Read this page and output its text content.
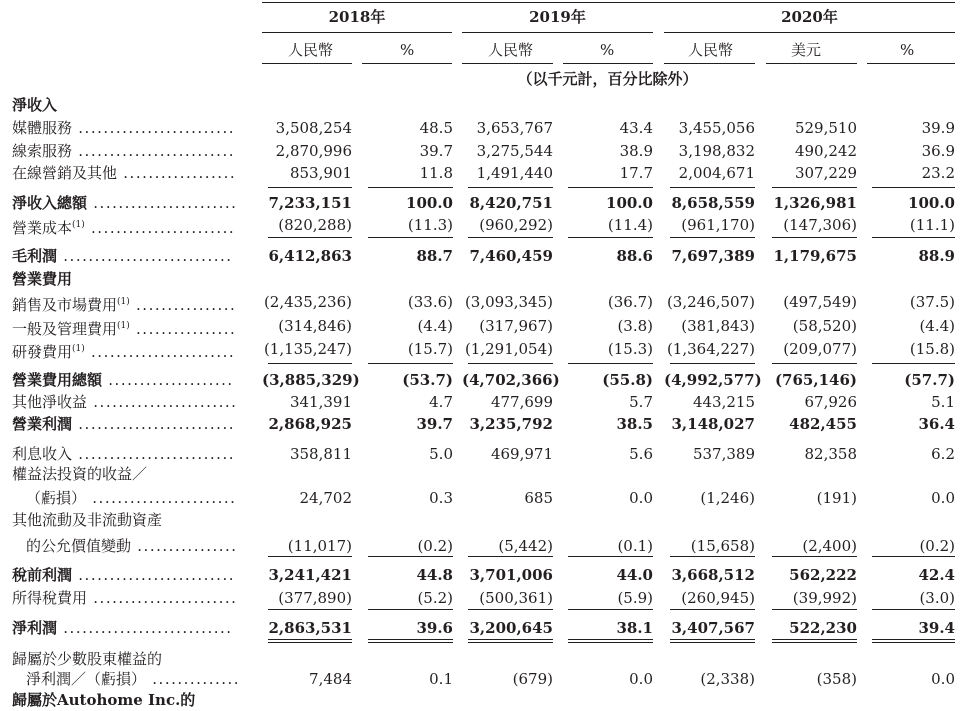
2018年	2019年	2020年
人民幣	%	人民幣	%	人民幣	美元	%
（以千元計，百分比除外）
淨收入
媒體服務 .........................	3,508,254	48.5	3,653,767	43.4	3,455,056	529,510	39.9
線索服務 .........................	2,870,996	39.7	3,275,544	38.9	3,198,832	490,242	36.9
在線營銷及其他 ..................	853,901	11.8	1,491,440	17.7	2,004,671	307,229	23.2
淨收入總額 .......................	7,233,151	100.0	8,420,751	100.0	8,658,559	1,326,981	100.0
營業成本$^{(1)}$ .......................	(820,288)	(11.3)	(960,292)	(11.4)	(961,170)	(147,306)	(11.1)
毛利潤 ...........................	6,412,863	88.7	7,460,459	88.6	7,697,389	1,179,675	88.9
營業費用
銷售及市場費用$^{(1)}$ ................ (2,435,236)	(33.6) (3,093,345)	(36.7) (3,246,507)	(497,549)	(37.5)
一般及管理費用$^{(1)}$ ................	(314,846)	(4.4)	(317,967)	(3.8)	(381,843)	(58,520)	(4.4)
研發費用$^{(1)}$ ....................... (1,135,247)	(15.7) (1,291,054)	(15.3) (1,364,227)	(209,077)	(15.8)
營業費用總額 .................... (3,885,329)	(53.7) (4,702,366)	(55.8) (4,992,577) (765,146)	(57.7)
其他淨收益 .......................	341,391	4.7	477,699	5.7	443,215	67,926	5.1
營業利潤 .........................	2,868,925	39.7	3,235,792	38.5	3,148,027	482,455	36.4
利息收入 .........................	358,811	5.0	469,971	5.6	537,389	82,358	6.2
權益法投資的收益／
（虧損） .......................	24,702	0.3	685	0.0	(1,246)	(191)	0.0
其他流動及非流動資產
的公允價值變動 ................	(11,017)	(0.2)	(5,442)	(0.1)	(15,658)	(2,400)	(0.2)
稅前利潤 .........................	3,241,421	44.8	3,701,006	44.0	3,668,512	562,222	42.4
所得稅費用 .......................	(377,890)	(5.2)	(500,361)	(5.9)	(260,945)	(39,992)	(3.0)
淨利潤 ...........................	2,863,531	39.6	3,200,645	38.1	3,407,567	522,230	39.4
歸屬於少數股東權益的
淨利潤／（虧損） ..............	7,484	0.1	(679)	0.0	(2,338)	(358)	0.0
歸屬於Autohome Inc.的
